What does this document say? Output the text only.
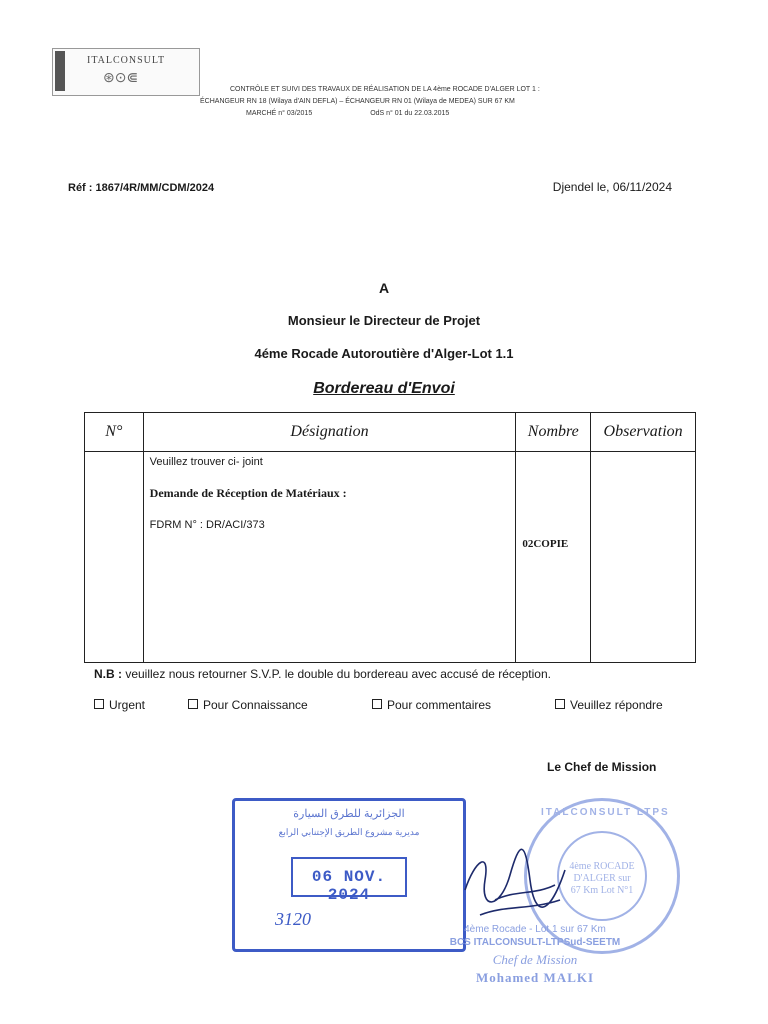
ITALCONSULT
⊛⊙⋐
CONTRÔLE ET SUIVI DES TRAVAUX DE RÉALISATION DE LA 4ème ROCADE D'ALGER LOT 1 :
ÉCHANGEUR RN 18 (Wilaya d'AIN DEFLA) – ÉCHANGEUR RN 01 (Wilaya de MEDEA) SUR 67 KM
MARCHÉ n° 03/2015	OdS n° 01 du 22.03.2015
Réf : 1867/4R/MM/CDM/2024	Djendel le, 06/11/2024
A
Monsieur le Directeur de Projet
4éme Rocade Autoroutière d'Alger-Lot 1.1
Bordereau d'Envoi
N°	Désignation	Nombre	Observation

	Veuillez trouver ci- joint
Demande de Réception de Matériaux :
FDRM N° : DR/ACI/373	02COPIE	

N.B : veuillez nous retourner S.V.P. le double du bordereau avec accusé de réception.
Urgent	Pour Connaissance	Pour commentaires	Veuillez répondre
Le Chef de Mission
الجزائرية للطرق السيارة
مديرية مشروع الطريق الإجتنابي الرابع
06 NOV. 2024
3120
ITALCONSULT LTPS
4ème ROCADE D'ALGER sur 67 Km Lot N°1
4ème Rocade - Lot 1 sur 67 Km
BCS ITALCONSULT-LTPSud-SEETM
Chef de Mission
Mohamed MALKI
